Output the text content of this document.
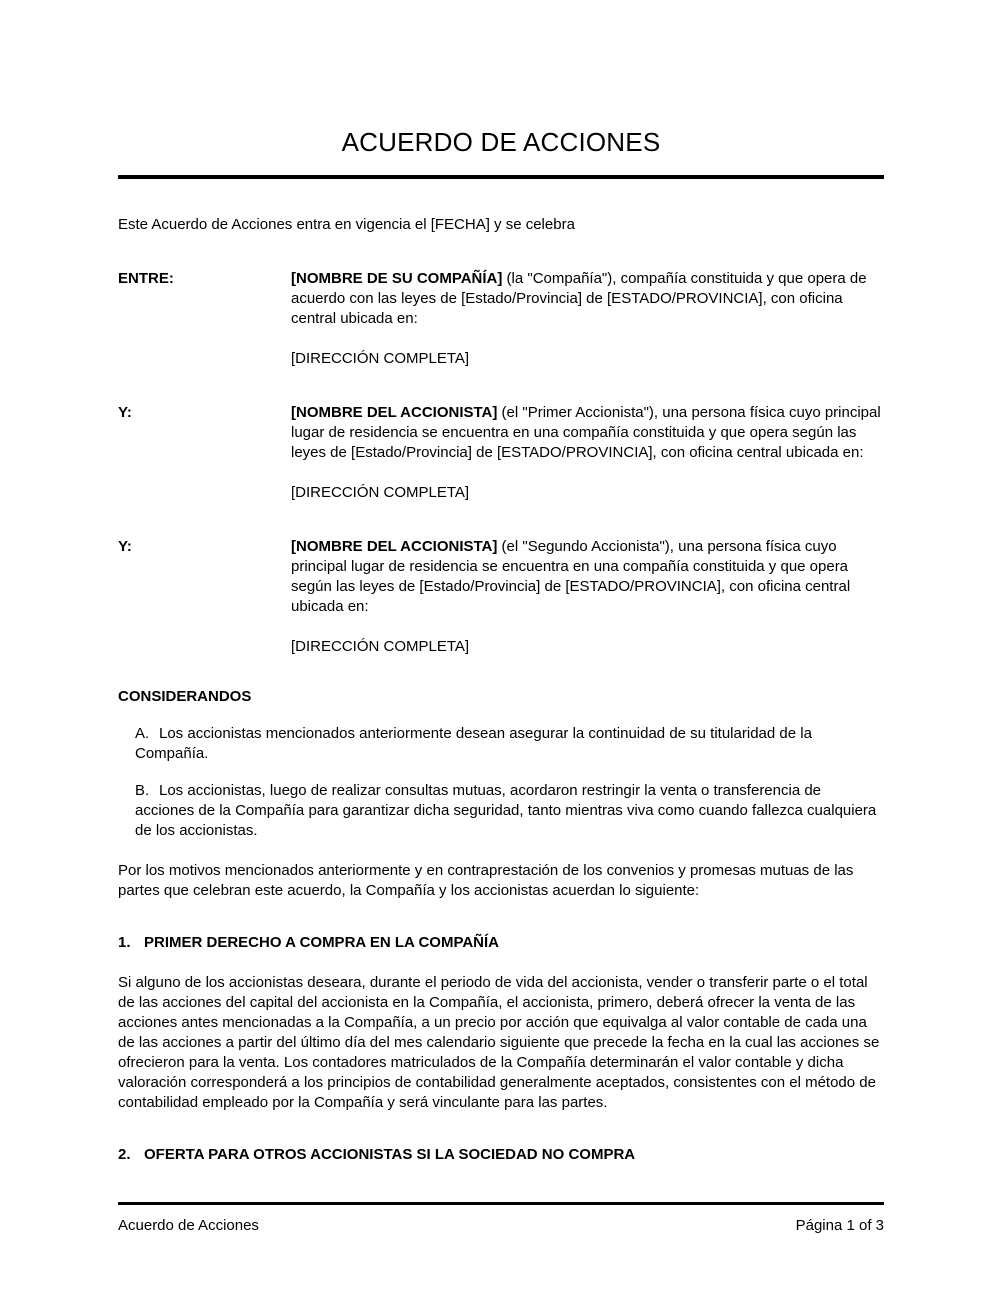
ACUERDO DE ACCIONES

Este Acuerdo de Acciones entra en vigencia el [FECHA] y se celebra

ENTRE:	[NOMBRE DE SU COMPAÑÍA] (la "Compañía"), compañía constituida y que opera de acuerdo con las leyes de [Estado/Provincia] de [ESTADO/PROVINCIA], con oficina central ubicada en:

[DIRECCIÓN COMPLETA]

Y:	[NOMBRE DEL ACCIONISTA] (el "Primer Accionista"), una persona física cuyo principal lugar de residencia se encuentra en una compañía constituida y que opera según las leyes de [Estado/Provincia] de [ESTADO/PROVINCIA], con oficina central ubicada en:

[DIRECCIÓN COMPLETA]

Y:	[NOMBRE DEL ACCIONISTA] (el "Segundo Accionista"), una persona física cuyo principal lugar de residencia se encuentra en una compañía constituida y que opera según las leyes de [Estado/Provincia] de [ESTADO/PROVINCIA], con oficina central ubicada en:

[DIRECCIÓN COMPLETA]

CONSIDERANDOS

A. Los accionistas mencionados anteriormente desean asegurar la continuidad de su titularidad de la Compañía.

B. Los accionistas, luego de realizar consultas mutuas, acordaron restringir la venta o transferencia de acciones de la Compañía para garantizar dicha seguridad, tanto mientras viva como cuando fallezca cualquiera de los accionistas.

Por los motivos mencionados anteriormente y en contraprestación de los convenios y promesas mutuas de las partes que celebran este acuerdo, la Compañía y los accionistas acuerdan lo siguiente:

1. PRIMER DERECHO A COMPRA EN LA COMPAÑÍA

Si alguno de los accionistas deseara, durante el periodo de vida del accionista, vender o transferir parte o el total de las acciones del capital del accionista en la Compañía, el accionista, primero, deberá ofrecer la venta de las acciones antes mencionadas a la Compañía, a un precio por acción que equivalga al valor contable de cada una de las acciones a partir del último día del mes calendario siguiente que precede la fecha en la cual las acciones se ofrecieron para la venta. Los contadores matriculados de la Compañía determinarán el valor contable y dicha valoración corresponderá a los principios de contabilidad generalmente aceptados, consistentes con el método de contabilidad empleado por la Compañía y será vinculante para las partes.

2. OFERTA PARA OTROS ACCIONISTAS SI LA SOCIEDAD NO COMPRA

Acuerdo de Acciones	Página 1 of 3
